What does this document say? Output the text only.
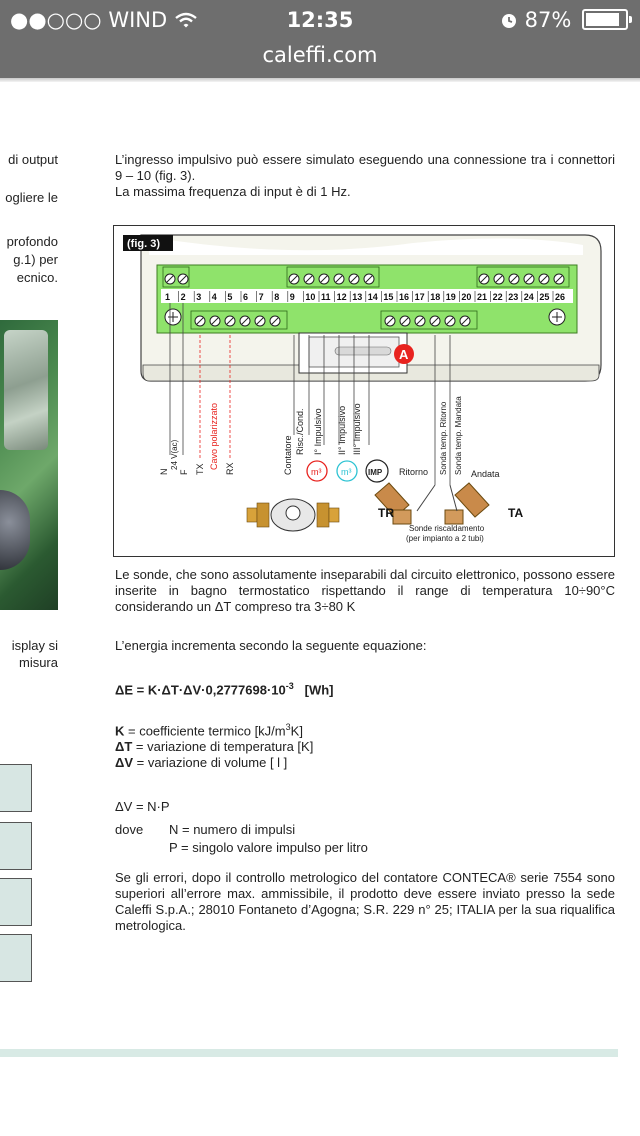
●●○○○ WIND	12:35	87%
caleffi.com
di output
ogliere le
profondo
g.1) per
ecnico.
isplay si
misura
L’ingresso impulsivo può essere simulato eseguendo una connessione tra i connettori 9 – 10 (fig. 3).
La massima frequenza di input è di 1 Hz.
(fig. 3)
1 2 3 4 5 6 7 8 9 10 11 12 13 14 15 16 17 18 19 20 21 22 23 24 25 26
A
N
24 V(ac)
F TX Cavo polarizzato RX	Contatore
Risc./Cond. I° Impulsivo II° Impulsivo III° Impulsivo	Sonda temp. Ritorno Sonda temp. Mandata
m³ m³ IMP Ritorno	Andata
TR	TA
Sonde riscaldamento
(per impianto a 2 tubi)
Le sonde, che sono assolutamente inseparabili dal circuito elettronico, possono essere inserite in bagno termostatico rispettando il range di temperatura 10÷90°C considerando un ΔT compreso tra 3÷80 K
L’energia incrementa secondo la seguente equazione:
$\Delta E = K\cdot\Delta T\cdot\Delta V\cdot 0,2777698\cdot 10^{-3}$ [Wh]
K = coefficiente termico $[kJ/m^3K]$
ΔT = variazione di temperatura [K]
ΔV = variazione di volume [ l ]
ΔV = N·P
dove N = numero di impulsi
P = singolo valore impulso per litro
Se gli errori, dopo il controllo metrologico del contatore CONTECA® serie 7554 sono superiori all’errore max. ammissibile, il prodotto deve essere inviato presso la sede Caleffi S.p.A.; 28010 Fontaneto d’Agogna; S.R. 229 n° 25; ITALIA per la sua riqualifica metrologica.
